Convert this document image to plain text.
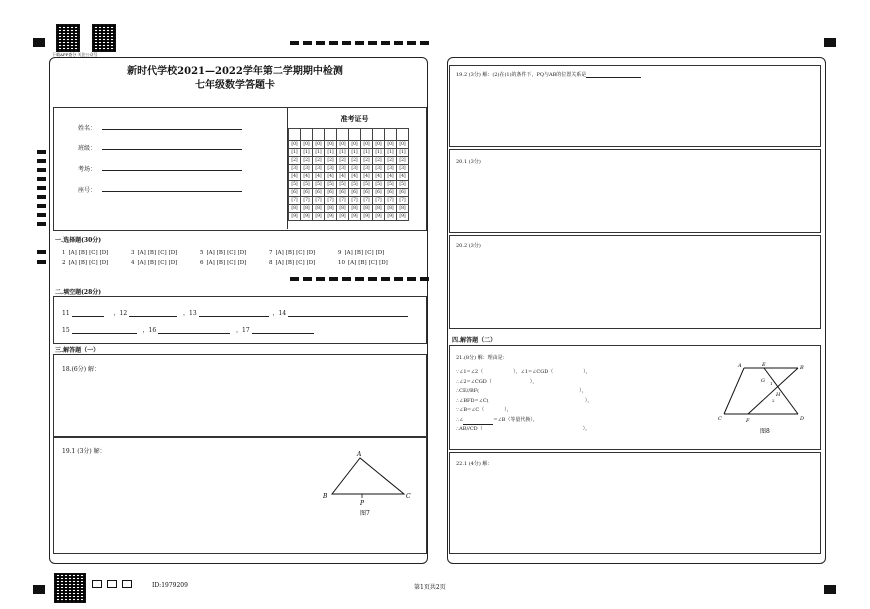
下载APP查分 关注公众号
新时代学校2021—2022学年第二学期期中检测
七年级数学答题卡
姓名：
班级：
考场：
座号：
准考证号

[0]	[0]	[0]	[0]	[0]	[0]	[0]	[0]	[0]	[0]
[1]	[1]	[1]	[1]	[1]	[1]	[1]	[1]	[1]	[1]
[2]	[2]	[2]	[2]	[2]	[2]	[2]	[2]	[2]	[2]
[3]	[3]	[3]	[3]	[3]	[3]	[3]	[3]	[3]	[3]
[4]	[4]	[4]	[4]	[4]	[4]	[4]	[4]	[4]	[4]
[5]	[5]	[5]	[5]	[5]	[5]	[5]	[5]	[5]	[5]
[6]	[6]	[6]	[6]	[6]	[6]	[6]	[6]	[6]	[6]
[7]	[7]	[7]	[7]	[7]	[7]	[7]	[7]	[7]	[7]
[8]	[8]	[8]	[8]	[8]	[8]	[8]	[8]	[8]	[8]
[9]	[9]	[9]	[9]	[9]	[9]	[9]	[9]	[9]	[9]
一.选择题(30分)
1 [A] [B] [C] [D]	3 [A] [B] [C] [D]	5 [A] [B] [C] [D]	7 [A] [B] [C] [D]	9 [A] [B] [C] [D]
2 [A] [B] [C] [D]	4 [A] [B] [C] [D]	6 [A] [B] [C] [D]	8 [A] [B] [C] [D]	10 [A] [B] [C] [D]
二.填空题(28分)
11	，12	，13	，14
15	，16	，17
三.解答题（一）
18.(6分) 解：
19.1 (3分) 解：	A
B	C
P
图7
ID:1979209	第1页共2页
19.2 (3分) 解：(2)在(1)的条件下，PQ与AB的位置关系是
20.1 (3分)
20.2 (3分)
四.解答题（二）
21.(8分) 解：理由是：
∵∠1=∠2（	），∠1=∠CGD（	），
∴∠2=∠CGD（	），
∴CE//BF(	），
∴∠BFD=∠C(	），
∵∠B=∠C（	），
∴∠	=∠B（等量代换），
∴AB//CD（	）。
A	E	B
G 1
H
2
C	F	D
图8
22.1 (4分) 解：
